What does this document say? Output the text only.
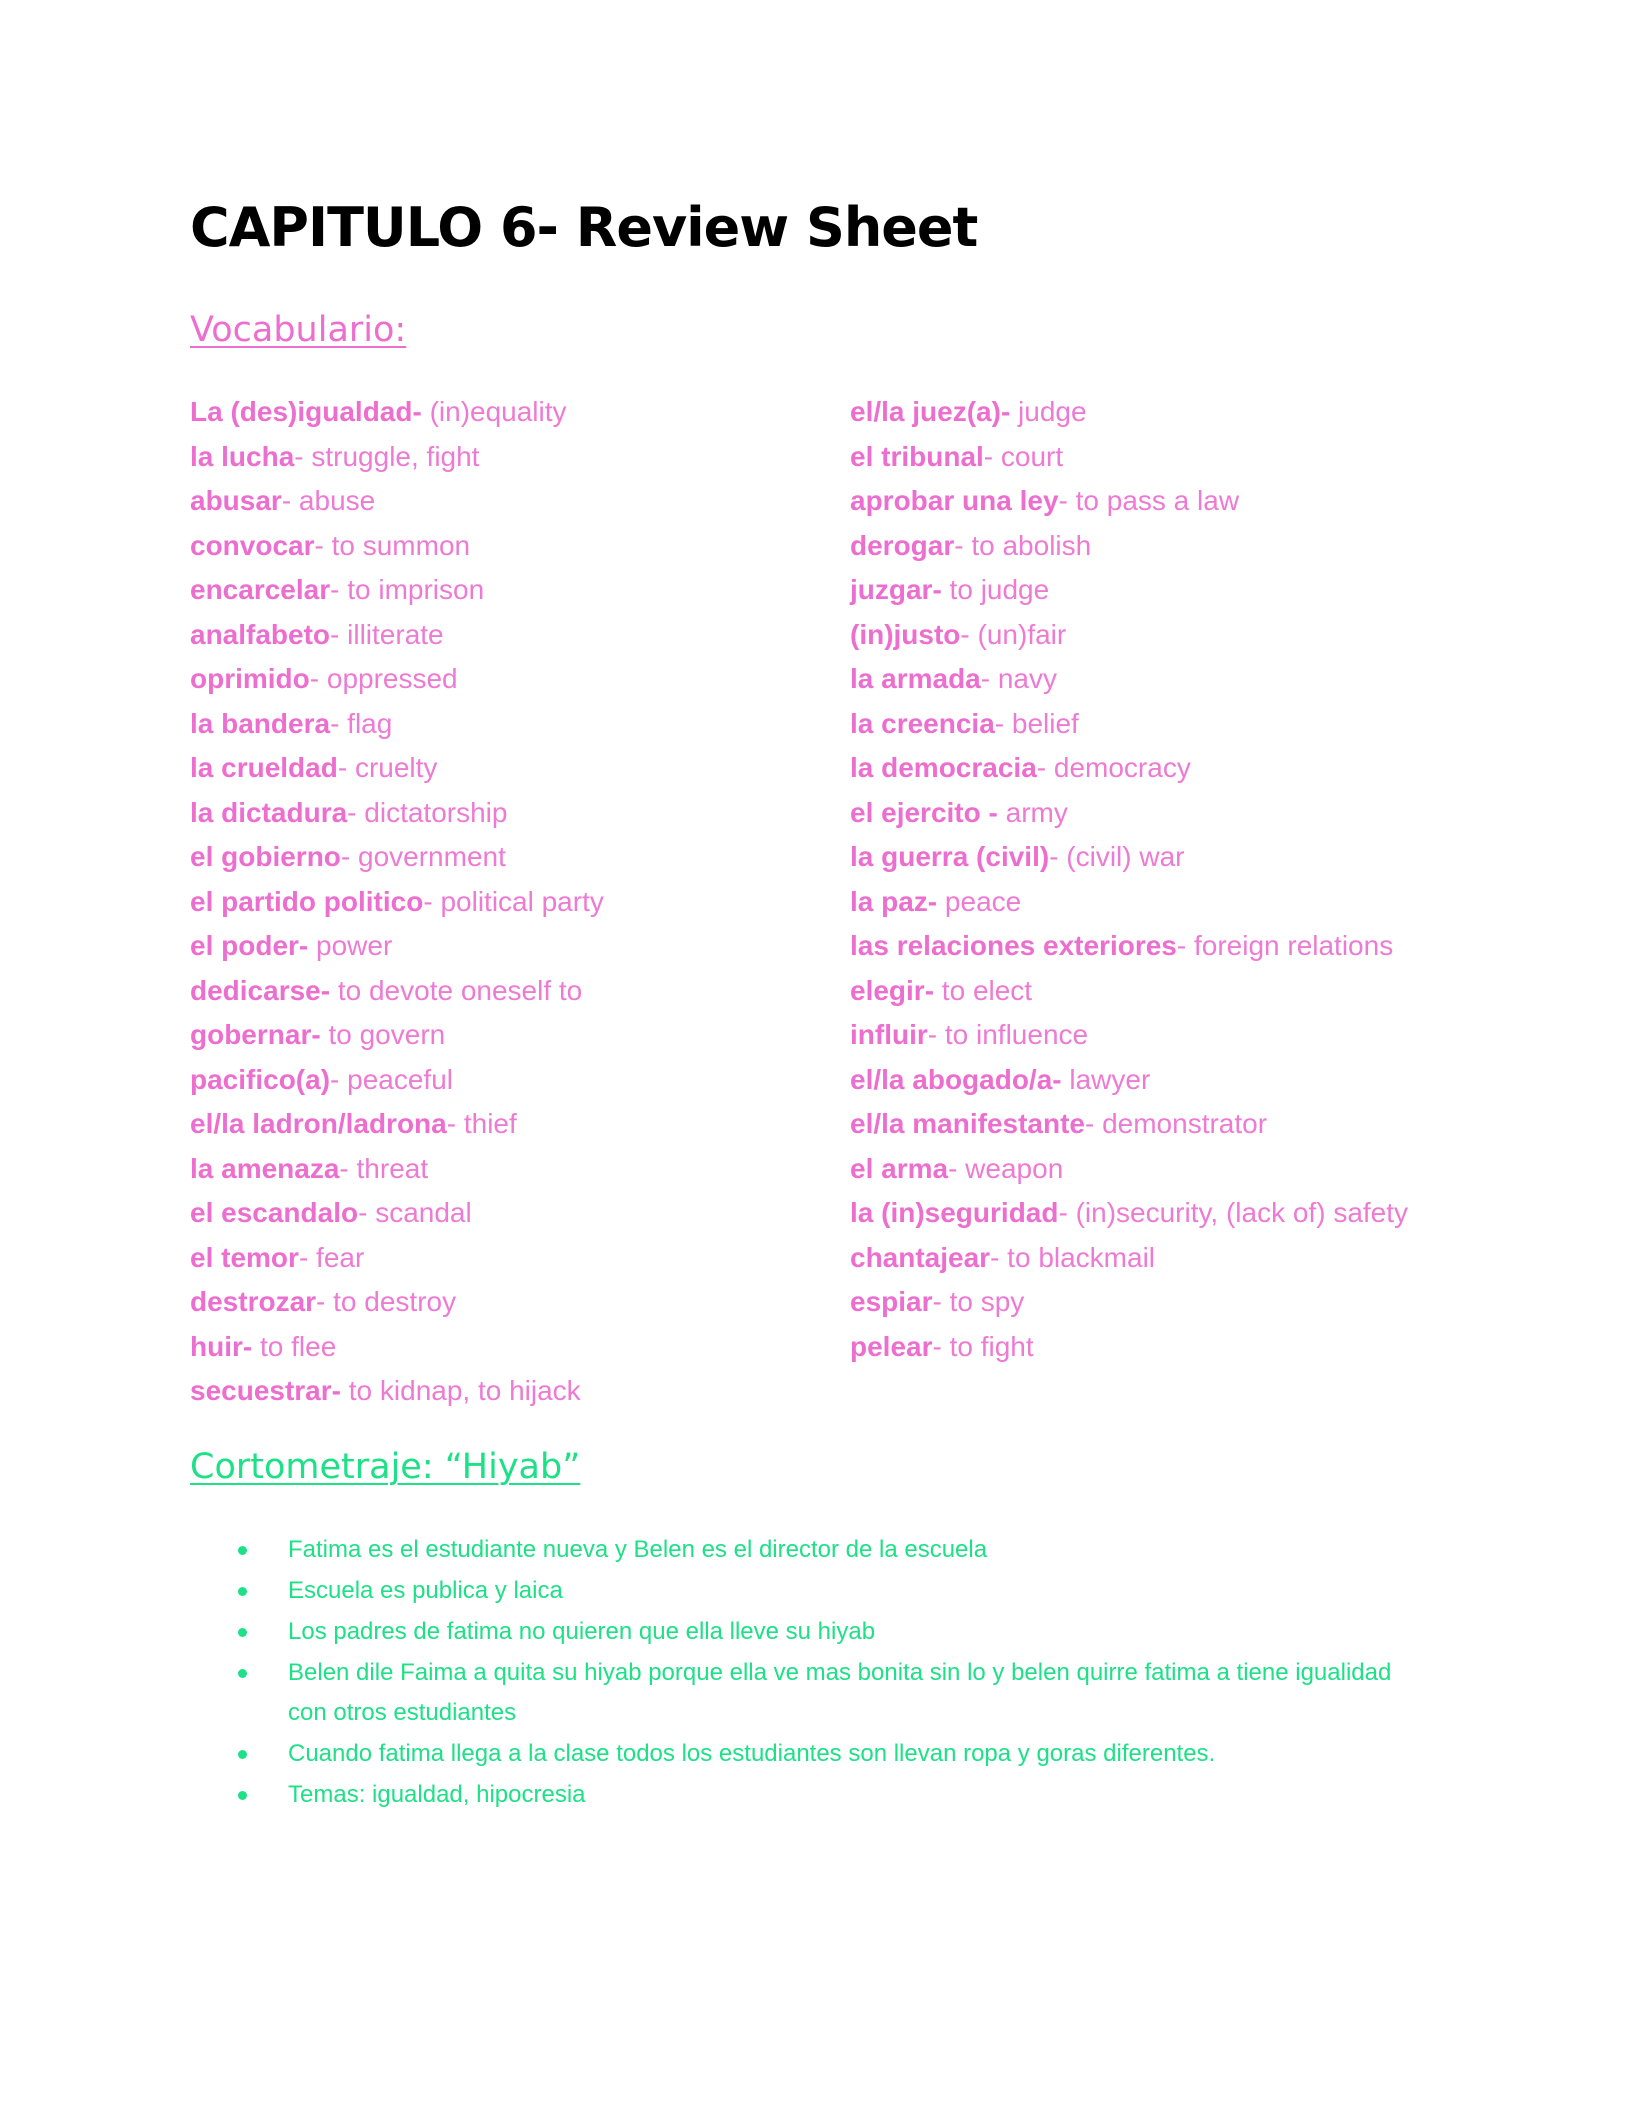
CAPITULO 6- Review Sheet
Vocabulario:
La (des)igualdad- (in)equality
la lucha- struggle, fight
abusar- abuse
convocar- to summon
encarcelar- to imprison
analfabeto- illiterate
oprimido- oppressed
la bandera- flag
la crueldad- cruelty
la dictadura- dictatorship
el gobierno- government
el partido politico- political party
el poder- power
dedicarse- to devote oneself to
gobernar- to govern
pacifico(a)- peaceful
el/la ladron/ladrona- thief
la amenaza- threat
el escandalo- scandal
el temor- fear
destrozar- to destroy
huir- to flee
secuestrar- to kidnap, to hijack
el/la juez(a)- judge
el tribunal- court
aprobar una ley- to pass a law
derogar- to abolish
juzgar- to judge
(in)justo- (un)fair
la armada- navy
la creencia- belief
la democracia- democracy
el ejercito - army
la guerra (civil)- (civil) war
la paz- peace
las relaciones exteriores- foreign relations
elegir- to elect
influir- to influence
el/la abogado/a- lawyer
el/la manifestante- demonstrator
el arma- weapon
la (in)seguridad- (in)security, (lack of) safety
chantajear- to blackmail
espiar- to spy
pelear- to fight
Cortometraje: “Hiyab”
Fatima es el estudiante nueva y Belen es el director de la escuela
Escuela es publica y laica
Los padres de fatima no quieren que ella lleve su hiyab
Belen dile Faima a quita su hiyab porque ella ve mas bonita sin lo y belen quirre fatima a tiene igualidad con otros estudiantes
Cuando fatima llega a la clase todos los estudiantes son llevan ropa y goras diferentes.
Temas: igualdad, hipocresia
